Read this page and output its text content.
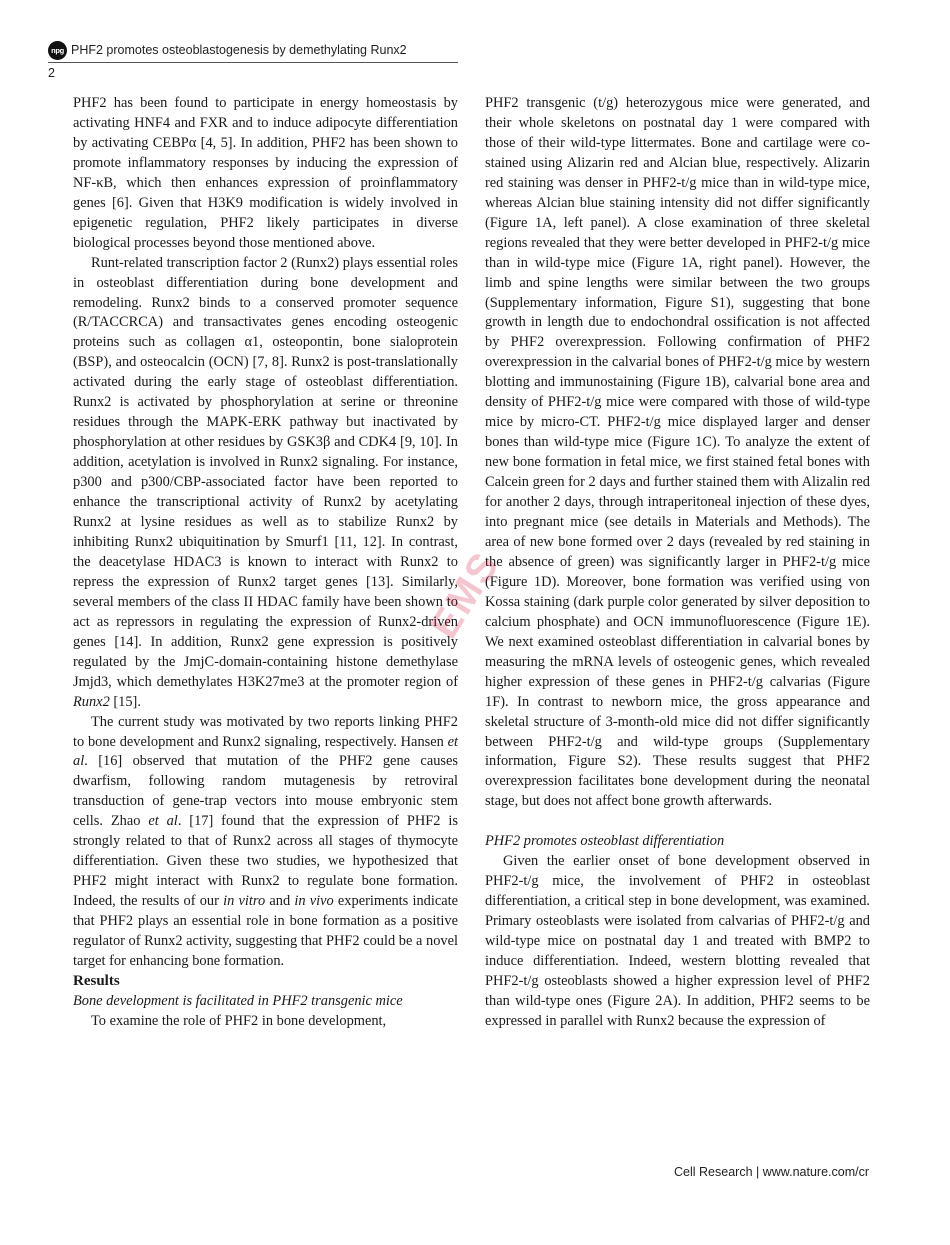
npg PHF2 promotes osteoblastogenesis by demethylating Runx2
2

PHF2 has been found to participate in energy homeostasis by activating HNF4 and FXR and to induce adipocyte differentiation by activating CEBPα [4, 5]. In addition, PHF2 has been shown to promote inflammatory responses by inducing the expression of NF-κB, which then enhances expression of proinflammatory genes [6]. Given that H3K9 modification is widely involved in epigenetic regulation, PHF2 likely participates in diverse biological processes beyond those mentioned above.

Runt-related transcription factor 2 (Runx2) plays essential roles in osteoblast differentiation during bone development and remodeling. Runx2 binds to a conserved promoter sequence (R/TACCRCA) and transactivates genes encoding osteogenic proteins such as collagen α1, osteopontin, bone sialoprotein (BSP), and osteocalcin (OCN) [7, 8]. Runx2 is post-translationally activated during the early stage of osteoblast differentiation. Runx2 is activated by phosphorylation at serine or threonine residues through the MAPK-ERK pathway but inactivated by phosphorylation at other residues by GSK3β and CDK4 [9, 10]. In addition, acetylation is involved in Runx2 signaling. For instance, p300 and p300/CBP-associated factor have been reported to enhance the transcriptional activity of Runx2 by acetylating Runx2 at lysine residues as well as to stabilize Runx2 by inhibiting Runx2 ubiquitination by Smurf1 [11, 12]. In contrast, the deacetylase HDAC3 is known to interact with Runx2 to repress the expression of Runx2 target genes [13]. Similarly, several members of the class II HDAC family have been shown to act as repressors in regulating the expression of Runx2-driven genes [14]. In addition, Runx2 gene expression is positively regulated by the JmjC-domain-containing histone demethylase Jmjd3, which demethylates H3K27me3 at the promoter region of Runx2 [15].

The current study was motivated by two reports linking PHF2 to bone development and Runx2 signaling, respectively. Hansen et al. [16] observed that mutation of the PHF2 gene causes dwarfism, following random mutagenesis by retroviral transduction of gene-trap vectors into mouse embryonic stem cells. Zhao et al. [17] found that the expression of PHF2 is strongly related to that of Runx2 across all stages of thymocyte differentiation. Given these two studies, we hypothesized that PHF2 might interact with Runx2 to regulate bone formation. Indeed, the results of our in vitro and in vivo experiments indicate that PHF2 plays an essential role in bone formation as a positive regulator of Runx2 activity, suggesting that PHF2 could be a novel target for enhancing bone formation.

Results

Bone development is facilitated in PHF2 transgenic mice

To examine the role of PHF2 in bone development,

PHF2 transgenic (t/g) heterozygous mice were generated, and their whole skeletons on postnatal day 1 were compared with those of their wild-type littermates. Bone and cartilage were co-stained using Alizarin red and Alcian blue, respectively. Alizarin red staining was denser in PHF2-t/g mice than in wild-type mice, whereas Alcian blue staining intensity did not differ significantly (Figure 1A, left panel). A close examination of three skeletal regions revealed that they were better developed in PHF2-t/g mice than in wild-type mice (Figure 1A, right panel). However, the limb and spine lengths were similar between the two groups (Supplementary information, Figure S1), suggesting that bone growth in length due to endochondral ossification is not affected by PHF2 overexpression. Following confirmation of PHF2 overexpression in the calvarial bones of PHF2-t/g mice by western blotting and immunostaining (Figure 1B), calvarial bone area and density of PHF2-t/g mice were compared with those of wild-type mice by micro-CT. PHF2-t/g mice displayed larger and denser bones than wild-type mice (Figure 1C). To analyze the extent of new bone formation in fetal mice, we first stained fetal bones with Calcein green for 2 days and further stained them with Alizalin red for another 2 days, through intraperitoneal injection of these dyes, into pregnant mice (see details in Materials and Methods). The area of new bone formed over 2 days (revealed by red staining in the absence of green) was significantly larger in PHF2-t/g mice (Figure 1D). Moreover, bone formation was verified using von Kossa staining (dark purple color generated by silver deposition to calcium phosphate) and OCN immunofluorescence (Figure 1E). We next examined osteoblast differentiation in calvarial bones by measuring the mRNA levels of osteogenic genes, which revealed higher expression of these genes in PHF2-t/g calvarias (Figure 1F). In contrast to newborn mice, the gross appearance and skeletal structure of 3-month-old mice did not differ significantly between PHF2-t/g and wild-type groups (Supplementary information, Figure S2). These results suggest that PHF2 overexpression facilitates bone development during the neonatal stage, but does not affect bone growth afterwards.

PHF2 promotes osteoblast differentiation

Given the earlier onset of bone development observed in PHF2-t/g mice, the involvement of PHF2 in osteoblast differentiation, a critical step in bone development, was examined. Primary osteoblasts were isolated from calvarias of PHF2-t/g and wild-type mice on postnatal day 1 and treated with BMP2 to induce differentiation. Indeed, western blotting revealed that PHF2-t/g osteoblasts showed a higher expression level of PHF2 than wild-type ones (Figure 2A). In addition, PHF2 seems to be expressed in parallel with Runx2 because the expression of

EMS
Cell Research | www.nature.com/cr
